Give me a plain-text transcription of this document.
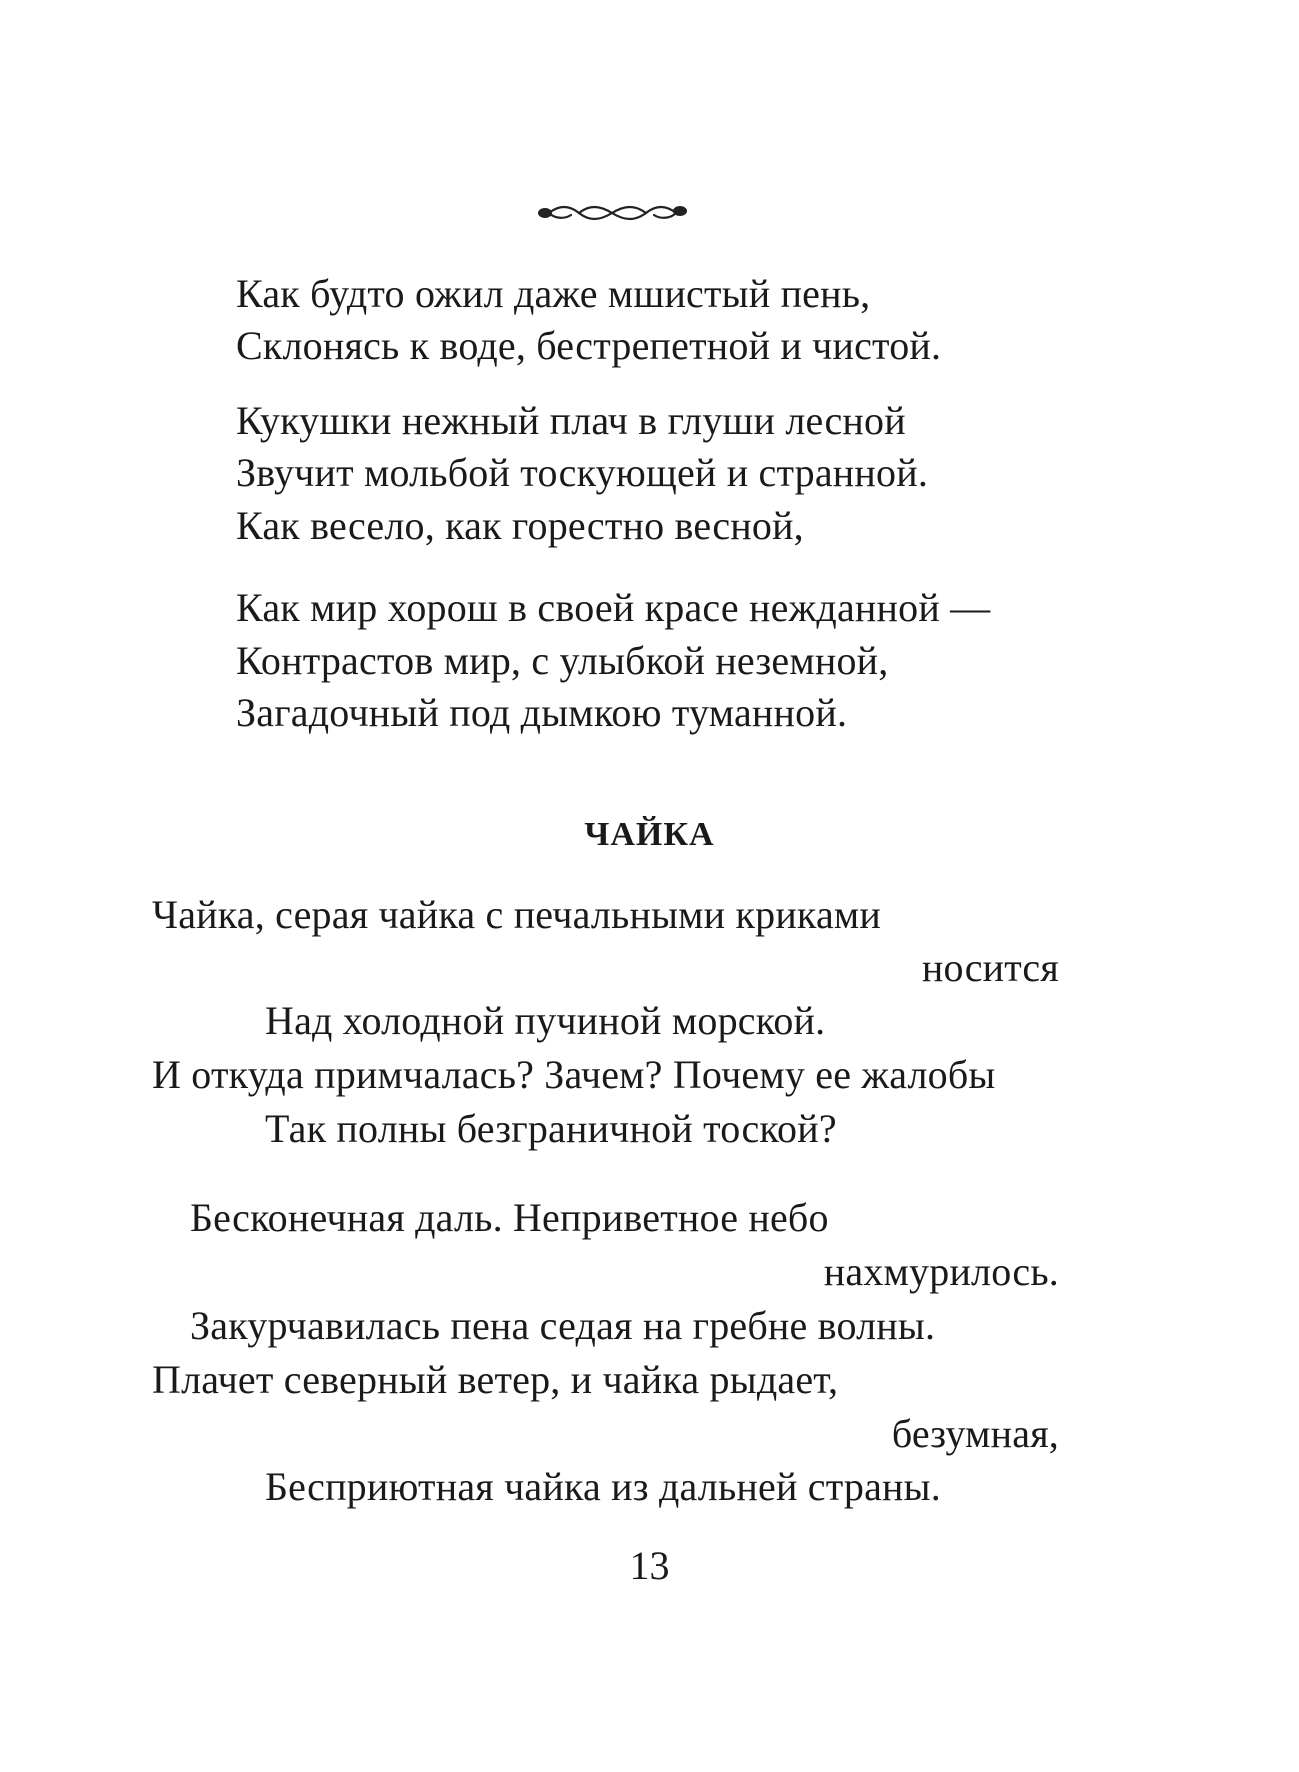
Как будто ожил даже мшистый пень,
Склонясь к воде, бестрепетной и чистой.
Кукушки нежный плач в глуши лесной
Звучит мольбой тоскующей и странной.
Как весело, как горестно весной,
Как мир хорош в своей красе нежданной —
Контрастов мир, с улыбкой неземной,
Загадочный под дымкою туманной.
ЧАЙКА
Чайка, серая чайка с печальными криками
носится
Над холодной пучиной морской.
И откуда примчалась? Зачем? Почему ее жалобы
Так полны безграничной тоской?
Бесконечная даль. Неприветное небо
нахмурилось.
Закурчавилась пена седая на гребне волны.
Плачет северный ветер, и чайка рыдает,
безумная,
Бесприютная чайка из дальней страны.
13
